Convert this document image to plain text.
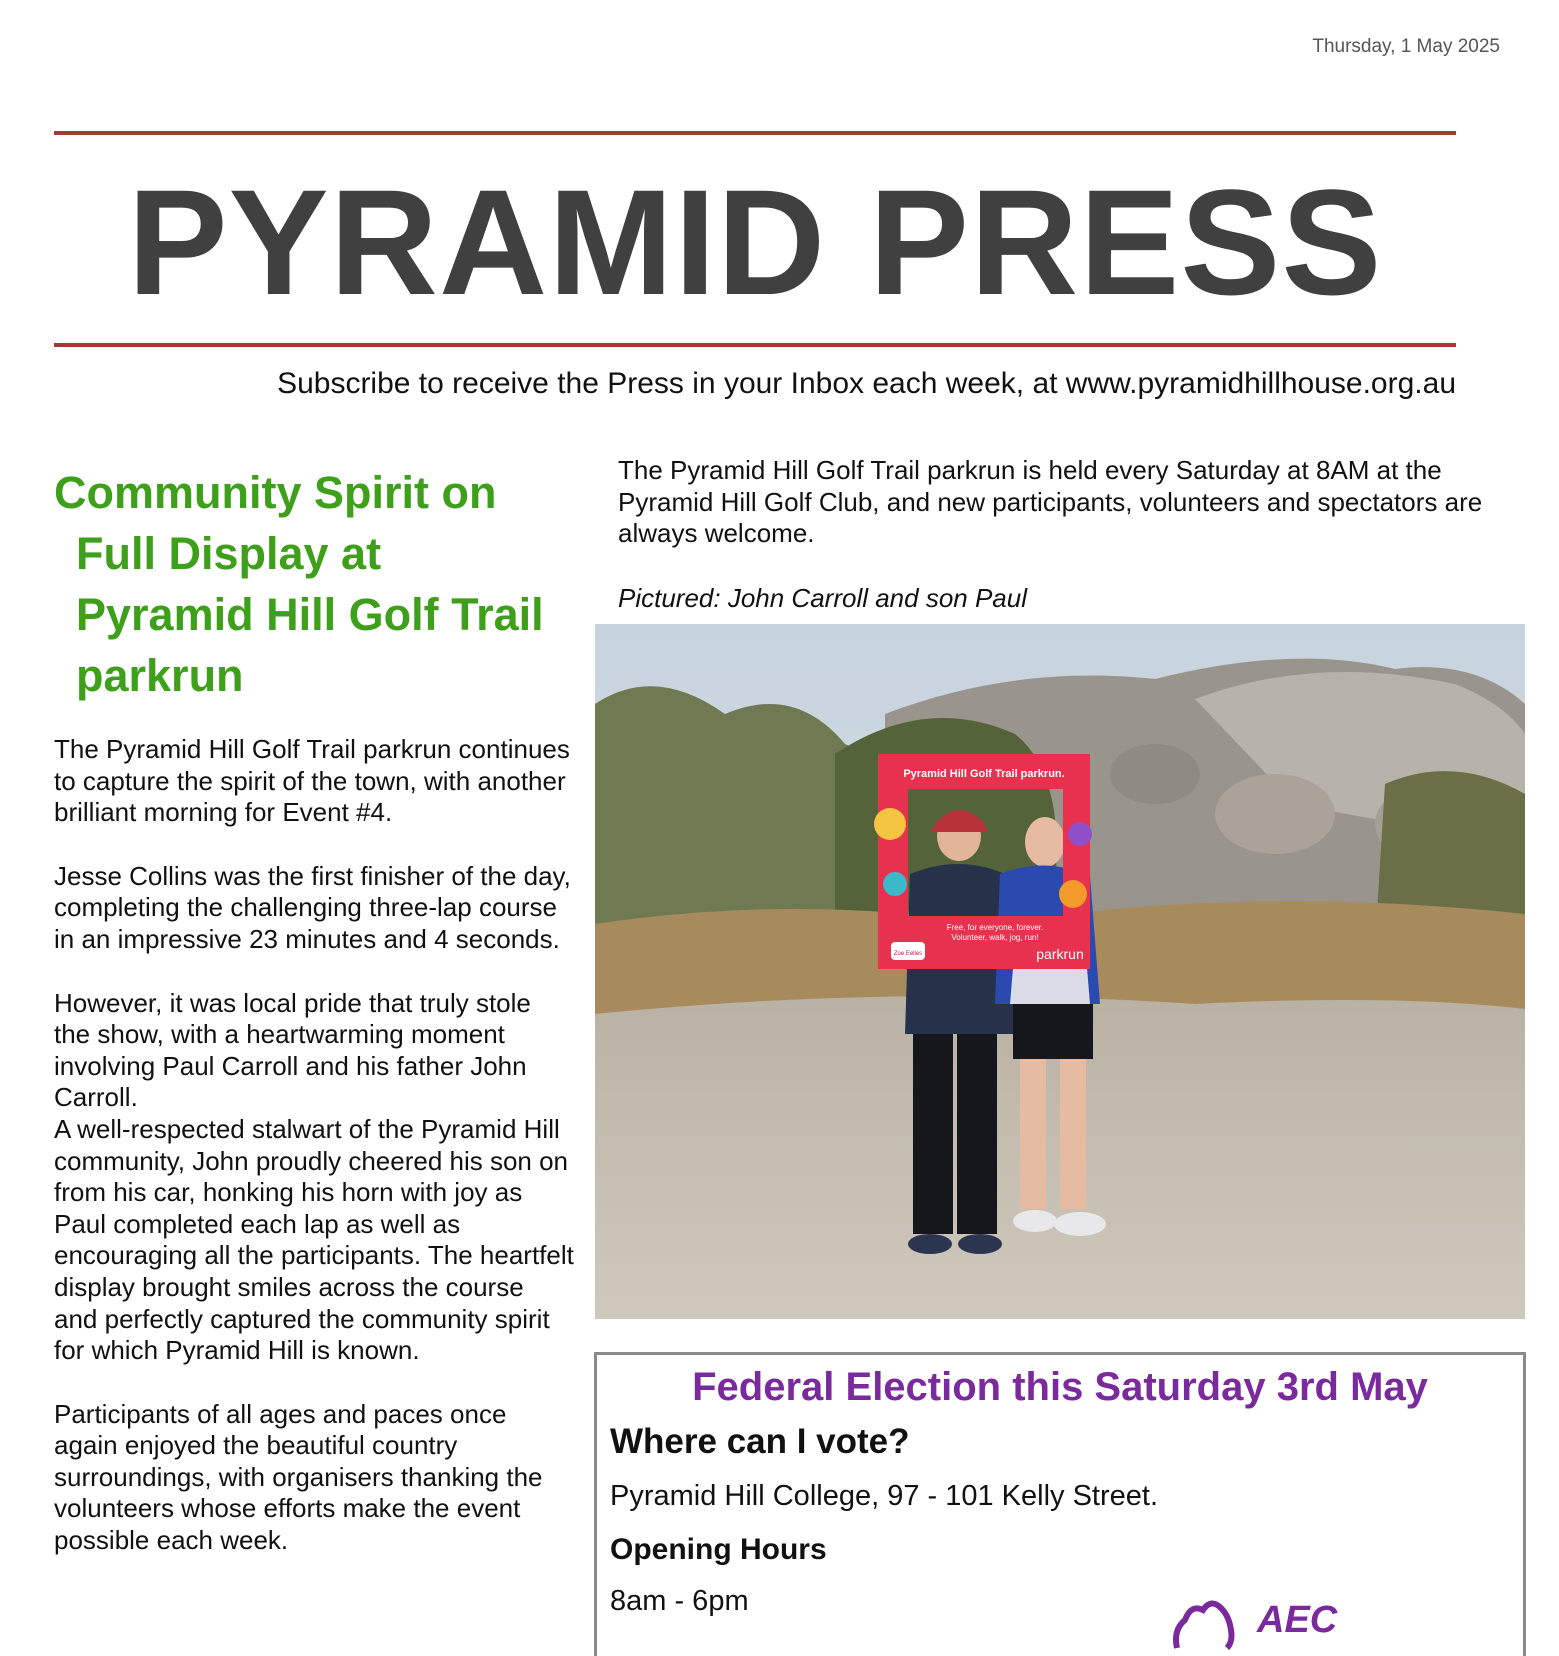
Thursday, 1 May 2025
PYRAMID PRESS
Subscribe to receive the Press in your Inbox each week, at www.pyramidhillhouse.org.au
Community Spirit on
Full Display at
Pyramid Hill Golf Trail
parkrun
The Pyramid Hill Golf Trail parkrun continues to capture the spirit of the town, with another brilliant morning for Event #4.
Jesse Collins was the first finisher of the day, completing the challenging three-lap course in an impressive 23 minutes and 4 seconds.
However, it was local pride that truly stole the show, with a heartwarming moment involving Paul Carroll and his father John Carroll.
A well-respected stalwart of the Pyramid Hill community, John proudly cheered his son on from his car, honking his horn with joy as Paul completed each lap as well as encouraging all the participants. The heartfelt display brought smiles across the course and perfectly captured the community spirit for which Pyramid Hill is known.
Participants of all ages and paces once again enjoyed the beautiful country surroundings, with organisers thanking the volunteers whose efforts make the event possible each week.

The Pyramid Hill Golf Trail parkrun is held every Saturday at 8AM at the Pyramid Hill Golf Club, and new participants, volunteers and spectators are always welcome.

Pictured: John Carroll and son Paul
Pyramid Hill Golf Trail parkrun.
Free, for everyone, forever.
Volunteer, walk, jog, run!
parkrun
Zoe Eelles
Federal Election this Saturday 3rd May
Where can I vote?
Pyramid Hill College, 97 - 101 Kelly Street.
Opening Hours
8am - 6pm	AEC
